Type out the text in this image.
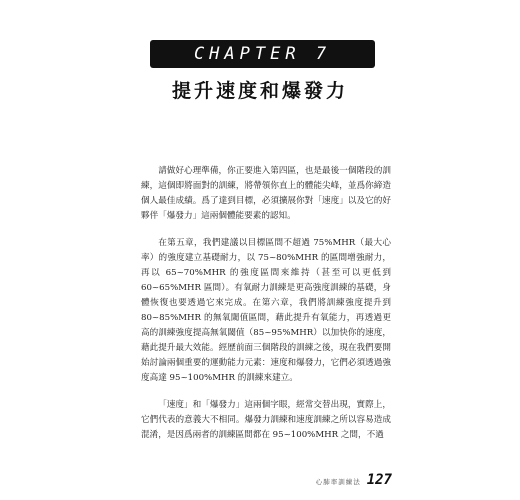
CHAPTER 7
提升速度和爆發力

請做好心理準備，你正要進入第四區，也是最後一個階段的訓練，這個即將面對的訓練，將帶領你直上的體能尖峰，並爲你締造個人最佳成績。爲了達到目標，必須擴展你對「速度」以及它的好夥伴「爆發力」這兩個體能要素的認知。

在第五章，我們建議以目標區間不超過 75%MHR（最大心率）的強度建立基礎耐力，以 75~80%MHR 的區間增強耐力，再以 65~70%MHR 的強度區間來維持（甚至可以更低到 60~65%MHR 區間）。有氧耐力訓練是更高強度訓練的基礎，身體恢復也要透過它來完成。在第六章，我們將訓練強度提升到 80~85%MHR 的無氧閾值區間，藉此提升有氧能力，再透過更高的訓練強度提高無氧閾值（85~95%MHR）以加快你的速度，藉此提升最大效能。經歷前面三個階段的訓練之後，現在我們要開始討論兩個重要的運動能力元素：速度和爆發力，它們必須透過強度高達 95~100%MHR 的訓練來建立。

「速度」和「爆發力」這兩個字眼，經常交替出現，實際上，它們代表的意義大不相同。爆發力訓練和速度訓練之所以容易造成混淆，是因爲兩者的訓練區間都在 95~100%MHR 之間，不過

心肺率訓練法 127
